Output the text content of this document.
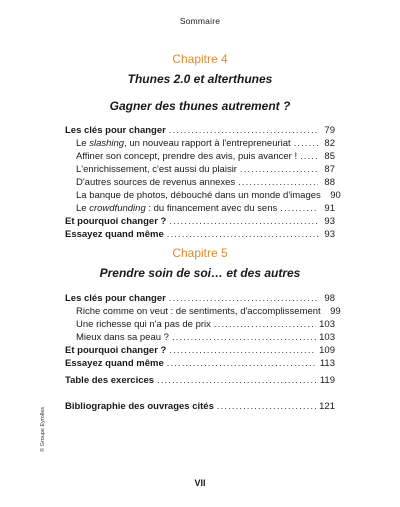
Sommaire
Chapitre 4
Thunes 2.0 et alterthunes
Gagner des thunes autrement ?
Les clés pour changer .....	79
Le slashing, un nouveau rapport à l'entrepreneuriat .....	82
Affiner son concept, prendre des avis, puis avancer ! .....	85
L'enrichissement, c'est aussi du plaisir .....	87
D'autres sources de revenus annexes .....	88
La banque de photos, débouché dans un monde d'images 90
Le crowdfunding : du financement avec du sens .....	91
Et pourquoi changer ? .....	93
Essayez quand même .....	93
Chapitre 5
Prendre soin de soi… et des autres
Les clés pour changer .....	98
Riche comme on veut : de sentiments, d'accomplissement 99
Une richesse qui n'a pas de prix .....	103
Mieux dans sa peau ? .....	103
Et pourquoi changer ? .....	109
Essayez quand même .....	113
Table des exercices .....	119
Bibliographie des ouvrages cités .....	121
© Groupe Eyrolles
VII
